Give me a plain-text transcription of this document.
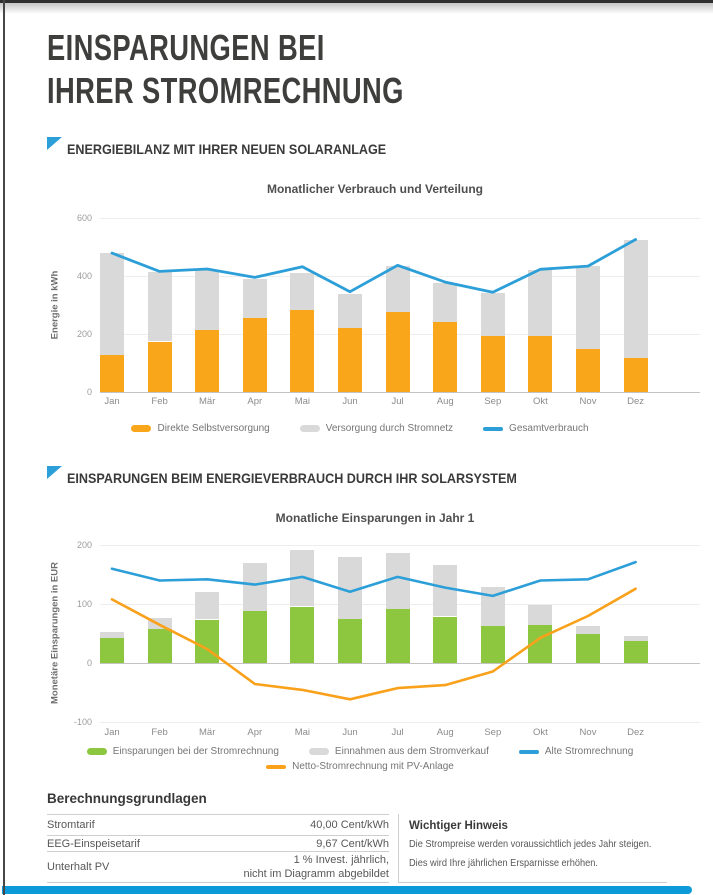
EINSPARUNGEN BEI
IHRER STROMRECHNUNG
ENERGIEBILANZ MIT IHRER NEUEN SOLARANLAGE
Monatlicher Verbrauch und Verteilung
Energie in kWh
0
200
400
600
Jan	Feb	Mär	Apr	Mai	Jun	Jul	Aug	Sep	Okt	Nov	Dez
Direkte Selbstversorgung	Versorgung durch Stromnetz	Gesamtverbrauch
EINSPARUNGEN BEIM ENERGIEVERBRAUCH DURCH IHR SOLARSYSTEM
Monatliche Einsparungen in Jahr 1
Monetäre Einsparungen in EUR
-100
0
100
200
Jan	Feb	Mär	Apr	Mai	Jun	Jul	Aug	Sep	Okt	Nov	Dez
Einsparungen bei der Stromrechnung	Einnahmen aus dem Stromverkauf	Alte Stromrechnung
Netto-Stromrechnung mit PV-Anlage
Berechnungsgrundlagen
Stromtarif	40,00 Cent/kWh
EEG-Einspeisetarif	9,67 Cent/kWh
Unterhalt PV
1 % Invest. jährlich,
nicht im Diagramm abgebildet
Wichtiger Hinweis
Die Strompreise werden voraussichtlich jedes Jahr steigen.
Dies wird Ihre jährlichen Ersparnisse erhöhen.
